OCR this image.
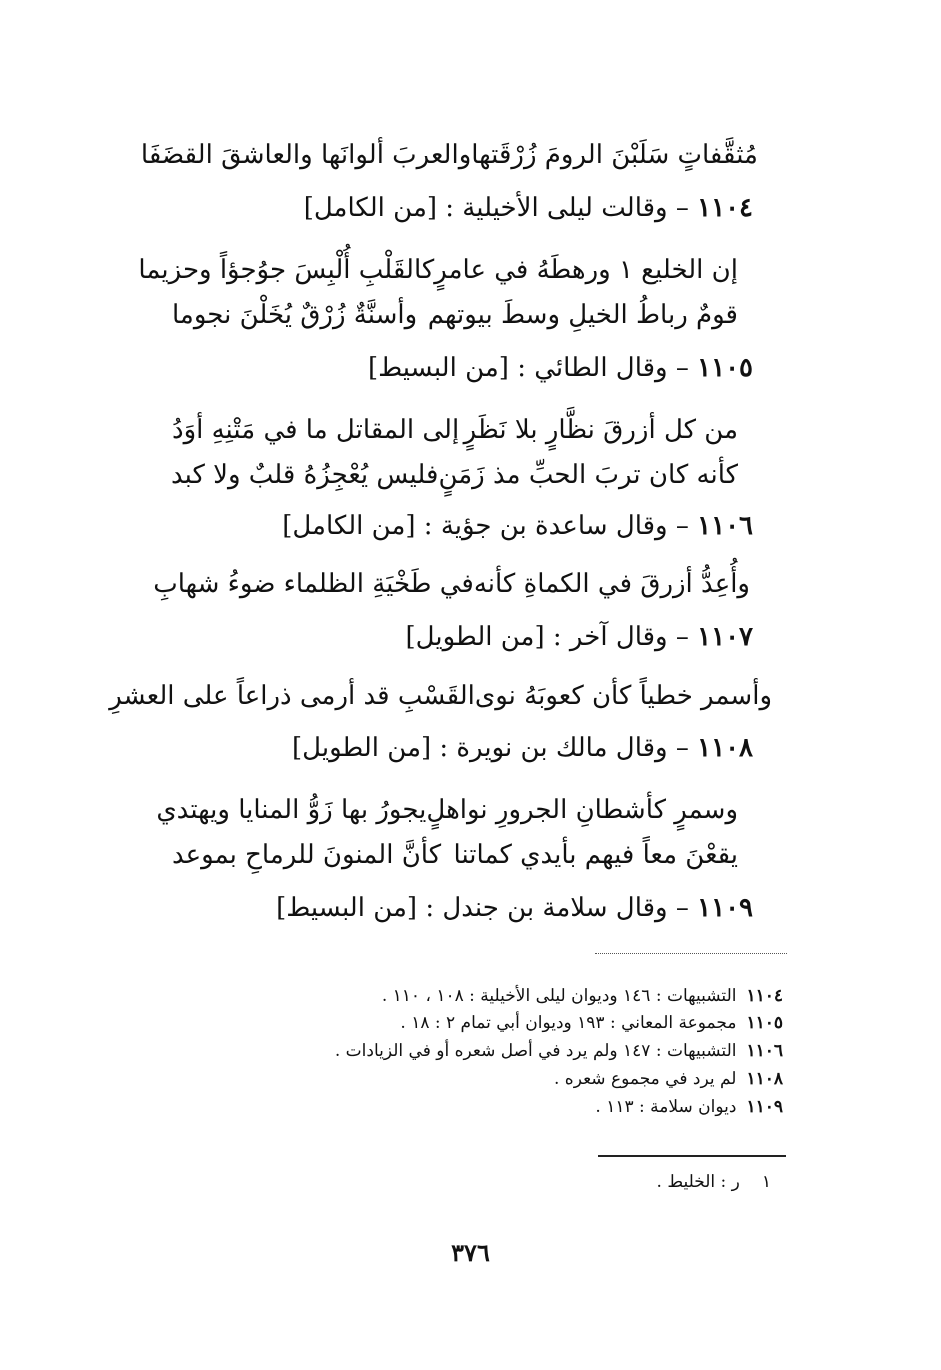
مُثقَّفاتٍ سَلَبْنَ الرومَ زُرْقَتها
والعربَ ألوانَها والعاشقَ القضَفَا
١١٠٤ – وقالت ليلى الأخيلية : [من الكامل]
إن الخليع ١ ورهطَهُ في عامرٍ
كالقَلْبِ أُلْبِسَ جوُجؤاً وحزيما
قومٌ رباطُ الخيلِ وسطَ بيوتهم
وأسنَّةٌ زُرْقٌ يُخَلْنَ نجوما
١١٠٥ – وقال الطائي : [من البسيط]
من كل أزرقَ نظَّارٍ بلا نَظَرٍ
إلى المقاتل ما في مَتْنِهِ أوَدُ
كأنه كان تربَ الحبِّ مذ زَمَنٍ
فليس يُعْجِزُهُ قلبٌ ولا كبد
١١٠٦ – وقال ساعدة بن جؤية : [من الكامل]
وأُعِدُّ أزرقَ في الكماةِ كأنه
في طَخْيَةِ الظلماء ضوءُ شهابِ
١١٠٧ – وقال آخر : [من الطويل]
وأسمر خطياً كأن كعوبَهُ نوى
القَسْبِ قد أرمى ذراعاً على العشرِ
١١٠٨ – وقال مالك بن نويرة : [من الطويل]
وسمرٍ كأشطانِ الجرورِ نواهلٍ
يجورُ بها زَوُّ المنايا ويهتدي
يقعْنَ معاً فيهم بأيدي كماتنا
كأنَّ المنونَ للرماحِ بموعد
١١٠٩ – وقال سلامة بن جندل : [من البسيط]
١١٠٤التشبيهات : ١٤٦ وديوان ليلى الأخيلية : ١٠٨ ، ١١٠ .
١١٠٥مجموعة المعاني : ١٩٣ وديوان أبي تمام ٢ : ١٨ .
١١٠٦التشبيهات : ١٤٧ ولم يرد في أصل شعره أو في الزيادات .
١١٠٨لم يرد في مجموع شعره .
١١٠٩ديوان سلامة : ١١٣ .
١ر : الخليط .
٣٧٦
